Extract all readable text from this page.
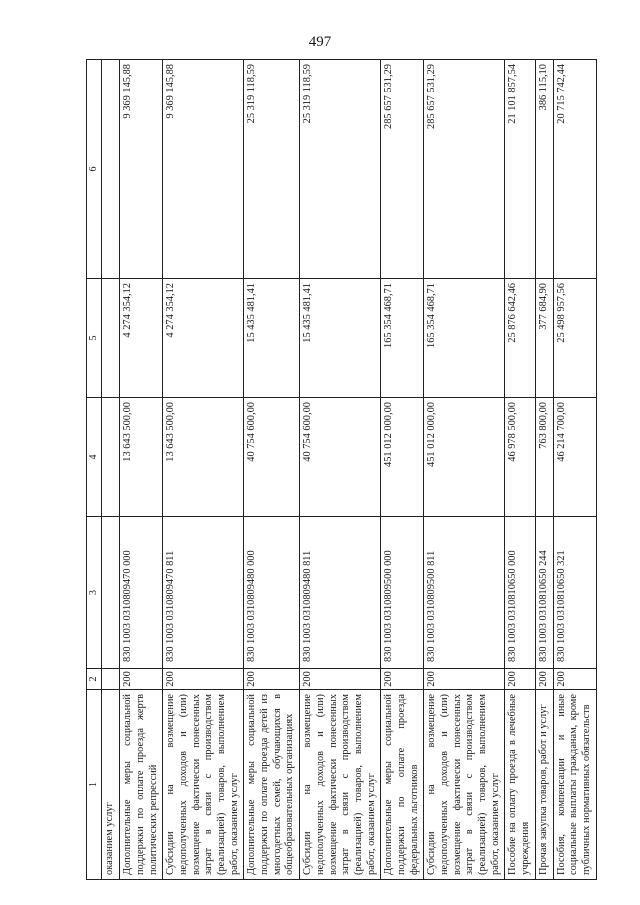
497
1	2	3	4	5	6
оказанием услуг					
Дополнительные меры социальной поддержки по оплате проезда жертв политических репрессий	200	830 1003 0310809470 000	13 643 500,00	4 274 354,12	9 369 145,88
Субсидии на возмещение недополученных доходов и (или) возмещение фактически понесенных затрат в связи с производством (реализацией) товаров, выполнением работ, оказанием услуг	200	830 1003 0310809470 811	13 643 500,00	4 274 354,12	9 369 145,88
Дополнительные меры социальной поддержки по оплате проезда детей из многодетных семей, обучающихся в общеобразовательных организациях	200	830 1003 0310809480 000	40 754 600,00	15 435 481,41	25 319 118,59
Субсидии на возмещение недополученных доходов и (или) возмещение фактически понесенных затрат в связи с производством (реализацией) товаров, выполнением работ, оказанием услуг	200	830 1003 0310809480 811	40 754 600,00	15 435 481,41	25 319 118,59
Дополнительные меры социальной поддержки по оплате проезда федеральных льготников	200	830 1003 0310809500 000	451 012 000,00	165 354 468,71	285 657 531,29
Субсидии на возмещение недополученных доходов и (или) возмещение фактически понесенных затрат в связи с производством (реализацией) товаров, выполнением работ, оказанием услуг	200	830 1003 0310809500 811	451 012 000,00	165 354 468,71	285 657 531,29
Пособие на оплату проезда в лечебные учреждения	200	830 1003 0310810650 000	46 978 500,00	25 876 642,46	21 101 857,54
Прочая закупка товаров, работ и услуг	200	830 1003 0310810650 244	763 800,00	377 684,90	386 115,10
Пособия, компенсации и иные социальные выплаты гражданам, кроме публичных нормативных обязательств	200	830 1003 0310810650 321	46 214 700,00	25 498 957,56	20 715 742,44
